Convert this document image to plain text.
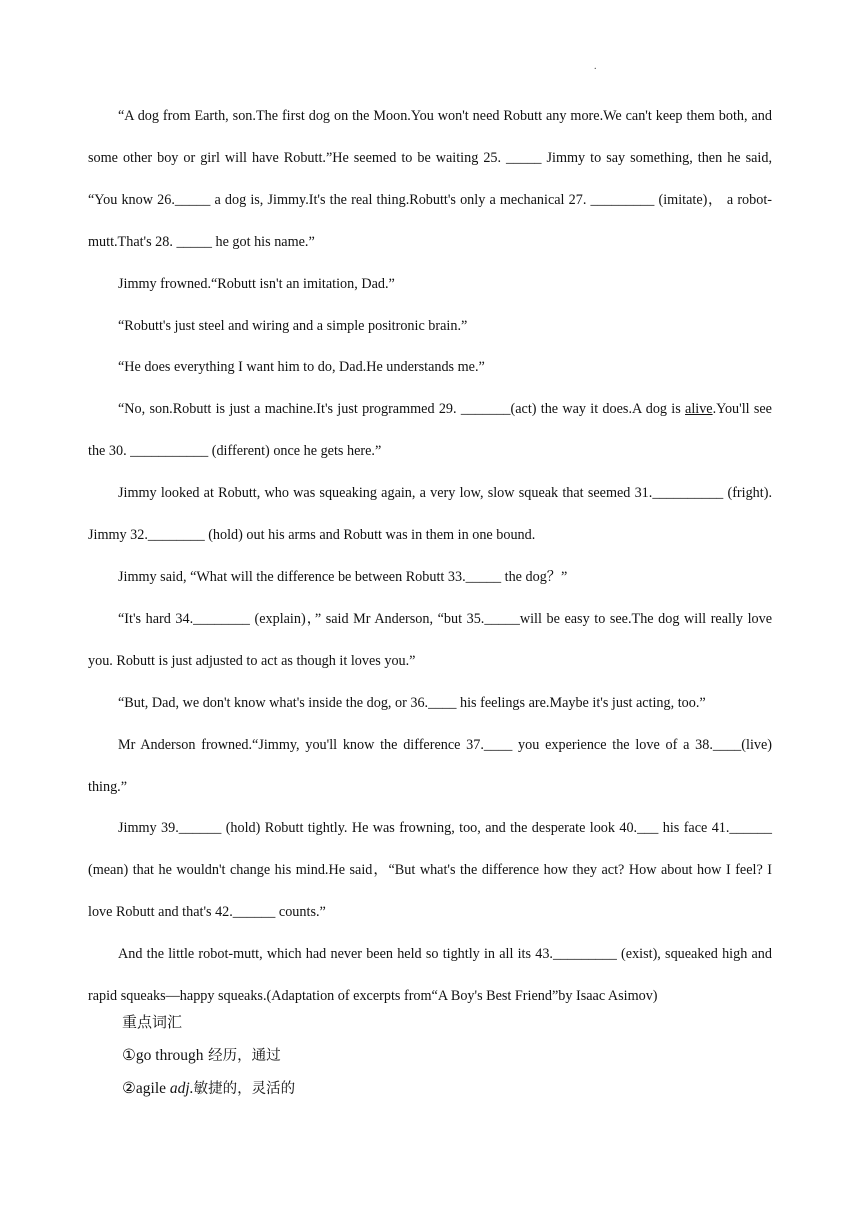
.

“A dog from Earth, son.The first dog on the Moon.You won't need Robutt any more.We can't keep them both, and some other boy or girl will have Robutt.”He seemed to be waiting 25. _____ Jimmy to say something, then he said, “You know 26._____ a dog is, Jimmy.It's the real thing.Robutt's only a mechanical 27. _________ (imitate)， a robot-mutt.That's 28. _____ he got his name.”

Jimmy frowned.“Robutt isn't an imitation, Dad.”

“Robutt's just steel and wiring and a simple positronic brain.”

“He does everything I want him to do, Dad.He understands me.”

“No, son.Robutt is just a machine.It's just programmed 29. _______(act) the way it does.A dog is alive.You'll see the 30. ___________ (different) once he gets here.”

Jimmy looked at Robutt, who was squeaking again, a very low, slow squeak that seemed 31.__________ (fright). Jimmy 32.________ (hold) out his arms and Robutt was in them in one bound.

Jimmy said, “What will the difference be between Robutt 33._____ the dog？”

“It's hard 34.________ (explain)，” said Mr Anderson, “but 35._____will be easy to see.The dog will really love you. Robutt is just adjusted to act as though it loves you.”

“But, Dad, we don't know what's inside the dog, or 36.____ his feelings are.Maybe it's just acting, too.”

Mr Anderson frowned.“Jimmy, you'll know the difference 37.____ you experience the love of a 38.____(live) thing.”

Jimmy 39.______ (hold) Robutt tightly. He was frowning, too, and the desperate look 40.___ his face 41.______ (mean) that he wouldn't change his mind.He said，“But what's the difference how they act? How about how I feel? I love Robutt and that's 42.______ counts.”

And the little robot-mutt, which had never been held so tightly in all its 43._________ (exist), squeaked high and rapid squeaks—happy squeaks.(Adaptation of excerpts from“A Boy's Best Friend”by Isaac Asimov)

重点词汇
①go through 经历，通过
②agile adj.敏捷的，灵活的
